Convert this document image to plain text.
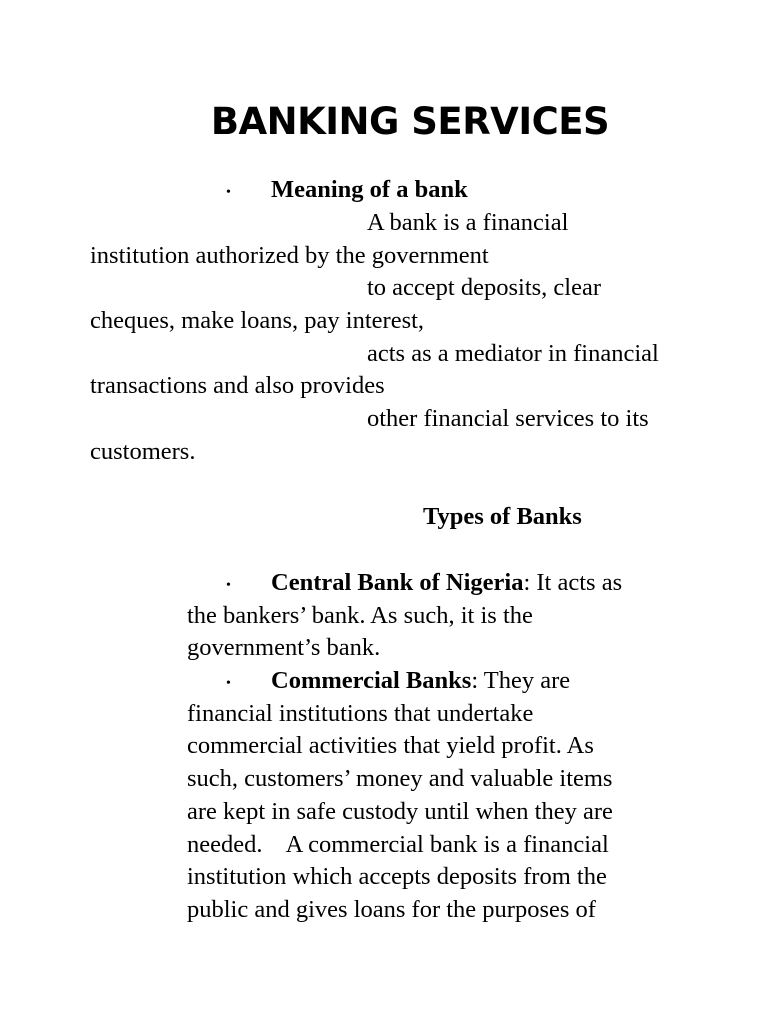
BANKING SERVICES
• Meaning of a bank
A bank is a financial
institution authorized by the government
to accept deposits, clear
cheques, make loans, pay interest,
acts as a mediator in financial
transactions and also provides
other financial services to its
customers.
Types of Banks
• Central Bank of Nigeria: It acts as
the bankers’ bank. As such, it is the
government’s bank.
• Commercial Banks: They are
financial institutions that undertake
commercial activities that yield profit. As
such, customers’ money and valuable items
are kept in safe custody until when they are
needed.    A commercial bank is a financial
institution which accepts deposits from the
public and gives loans for the purposes of
